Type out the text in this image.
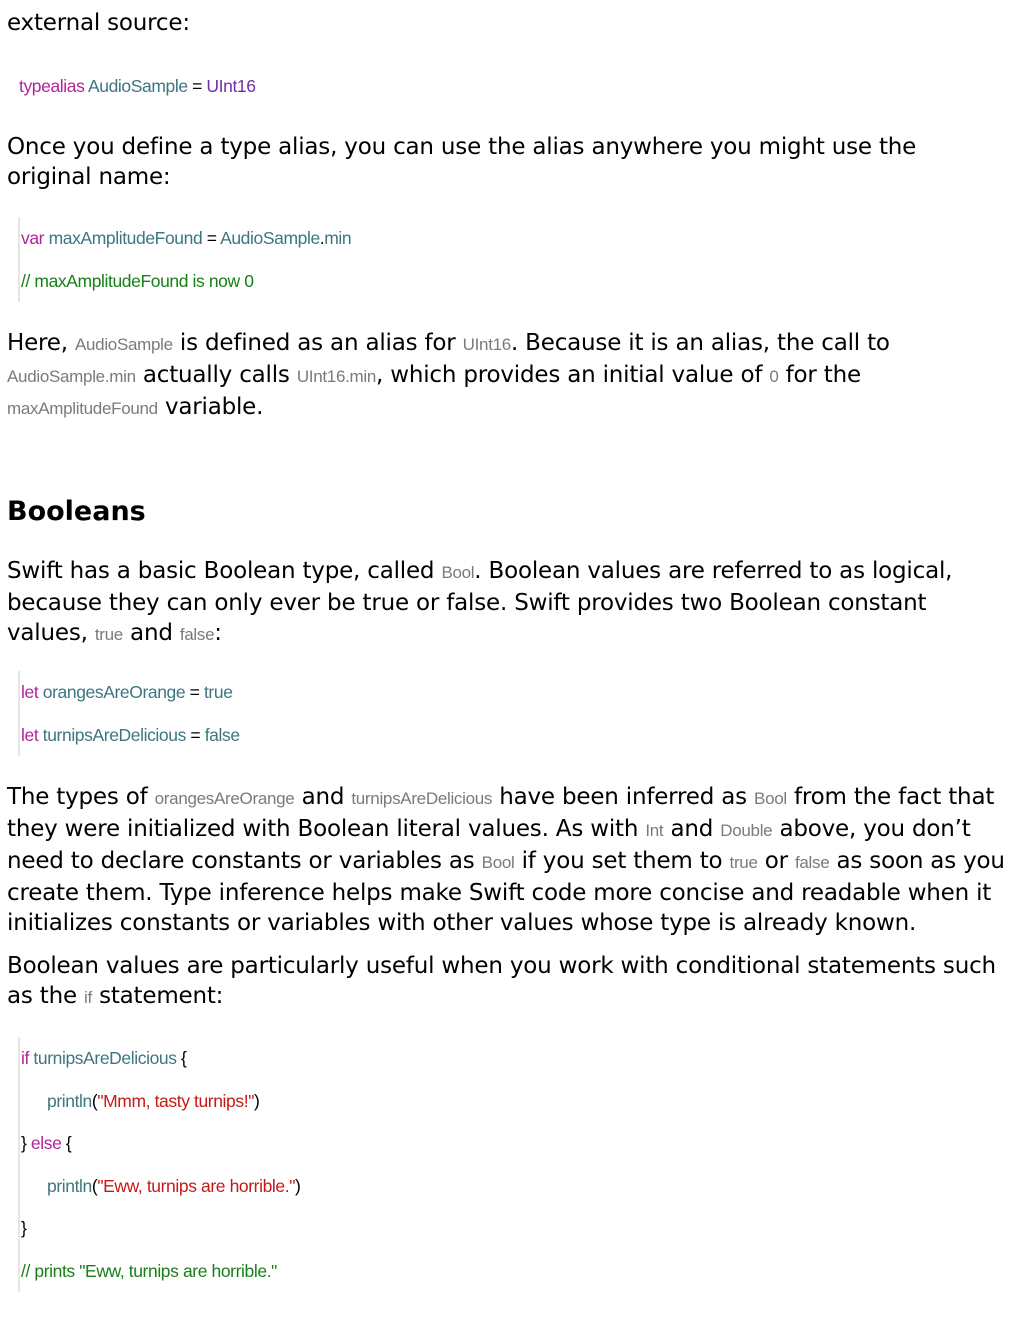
external source:

typealias AudioSample = UInt16

Once you define a type alias, you can use the alias anywhere you might use the original name:

var maxAmplitudeFound = AudioSample.min
// maxAmplitudeFound is now 0

Here, AudioSample is defined as an alias for UInt16. Because it is an alias, the call to AudioSample.min actually calls UInt16.min, which provides an initial value of 0 for the maxAmplitudeFound variable.

Booleans

Swift has a basic Boolean type, called Bool. Boolean values are referred to as logical, because they can only ever be true or false. Swift provides two Boolean constant values, true and false:

let orangesAreOrange = true
let turnipsAreDelicious = false

The types of orangesAreOrange and turnipsAreDelicious have been inferred as Bool from the fact that they were initialized with Boolean literal values. As with Int and Double above, you don’t need to declare constants or variables as Bool if you set them to true or false as soon as you create them. Type inference helps make Swift code more concise and readable when it initializes constants or variables with other values whose type is already known.

Boolean values are particularly useful when you work with conditional statements such as the if statement:

if turnipsAreDelicious {
println("Mmm, tasty turnips!")
} else {
println("Eww, turnips are horrible.")
}
// prints "Eww, turnips are horrible."
